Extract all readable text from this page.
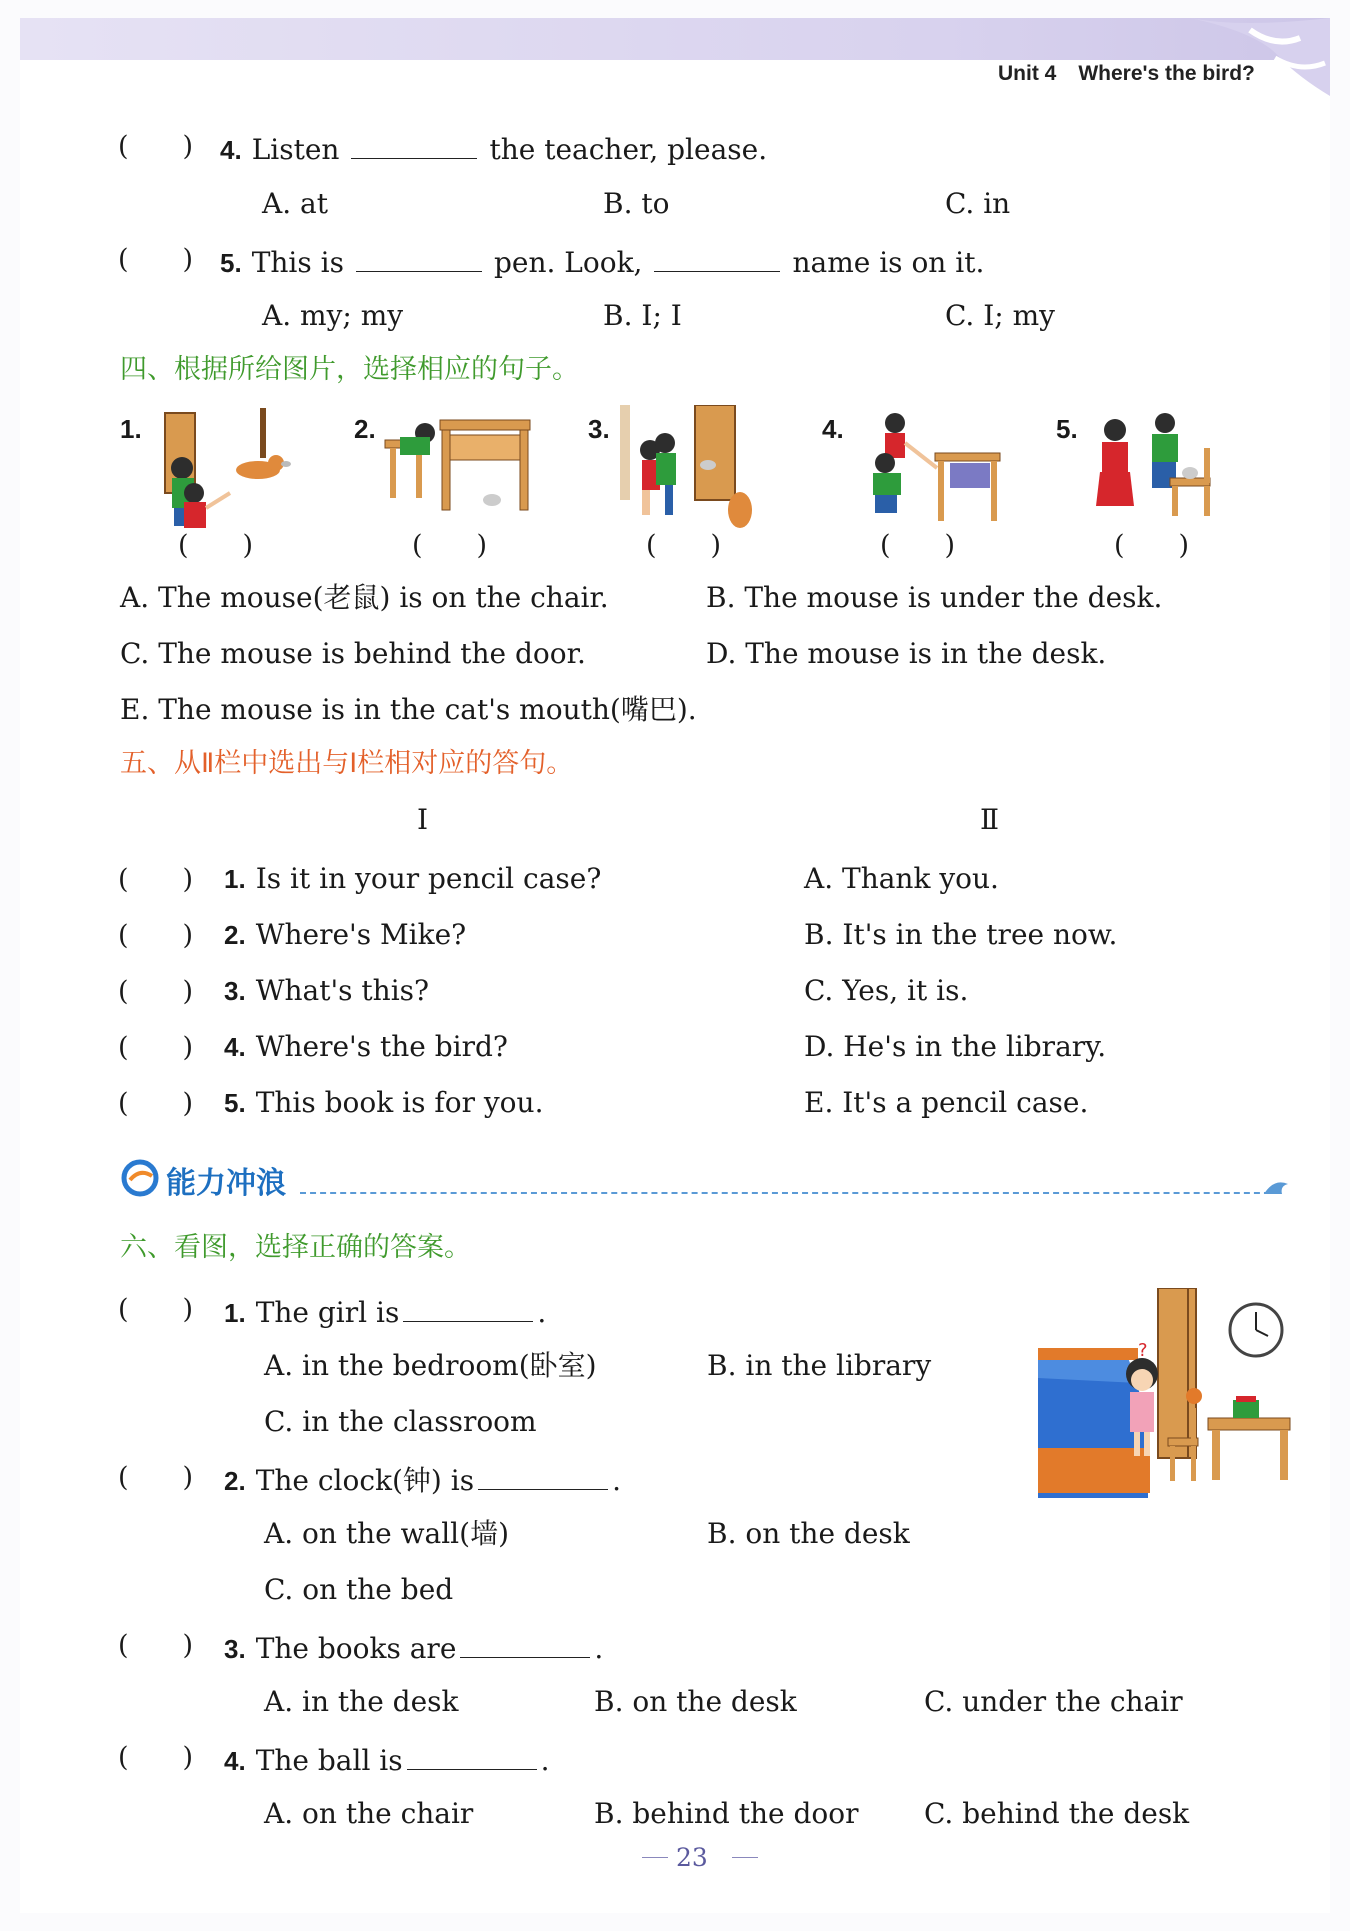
Unit 4 Where's the bird?
(　　) 4. Listen	the teacher, please.
A. at	B. to	C. in
(　　) 5. This is	pen. Look,	name is on it.
A. my; my	B. I; I	C. I; my
四、根据所给图片，选择相应的句子。
1.
(　　)
2.
(　　)
3.
(　　)
4.
(　　)
5.
(　　)
A. The mouse(老鼠) is on the chair.	B. The mouse is under the desk.
C. The mouse is behind the door.	D. The mouse is in the desk.
E. The mouse is in the cat's mouth(嘴巴).
五、从Ⅱ栏中选出与Ⅰ栏相对应的答句。
Ⅰ	Ⅱ
(　　) 1. Is it in your pencil case?	A. Thank you.
(　　) 2. Where's Mike?	B. It's in the tree now.
(　　) 3. What's this?	C. Yes, it is.
(　　) 4. Where's the bird?	D. He's in the library.
(　　) 5. This book is for you.	E. It's a pencil case.
能力冲浪
六、看图，选择正确的答案。
?
(　　) 1. The girl is	.
A. in the bedroom(卧室)	B. in the library
C. in the classroom
(　　) 2. The clock(钟) is	.
A. on the wall(墙)	B. on the desk
C. on the bed
(　　) 3. The books are	.
A. in the desk	B. on the desk	C. under the chair
(　　) 4. The ball is	.
A. on the chair	B. behind the door C. behind the desk
23
